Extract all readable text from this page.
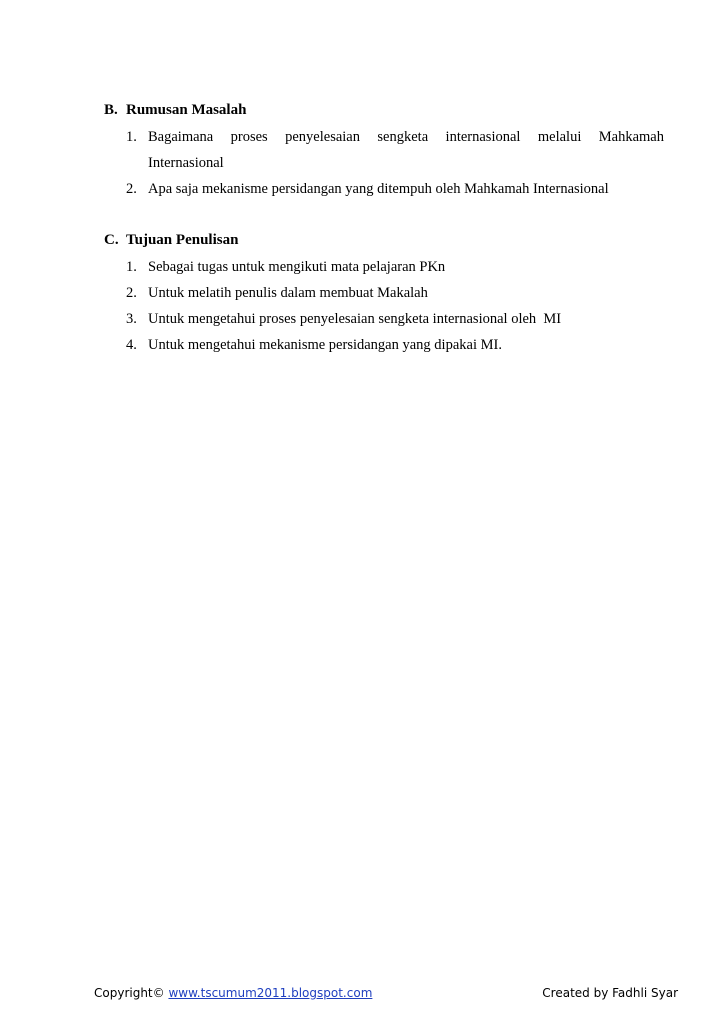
B. Rumusan Masalah
1. Bagaimana proses penyelesaian sengketa internasional melalui Mahkamah
Internasional
2. Apa saja mekanisme persidangan yang ditempuh oleh Mahkamah Internasional
C. Tujuan Penulisan
1. Sebagai tugas untuk mengikuti mata pelajaran PKn
2. Untuk melatih penulis dalam membuat Makalah
3. Untuk mengetahui proses penyelesaian sengketa internasional oleh  MI
4. Untuk mengetahui mekanisme persidangan yang dipakai MI.
Copyright© www.tscumum2011.blogspot.com	Created by Fadhli Syar
